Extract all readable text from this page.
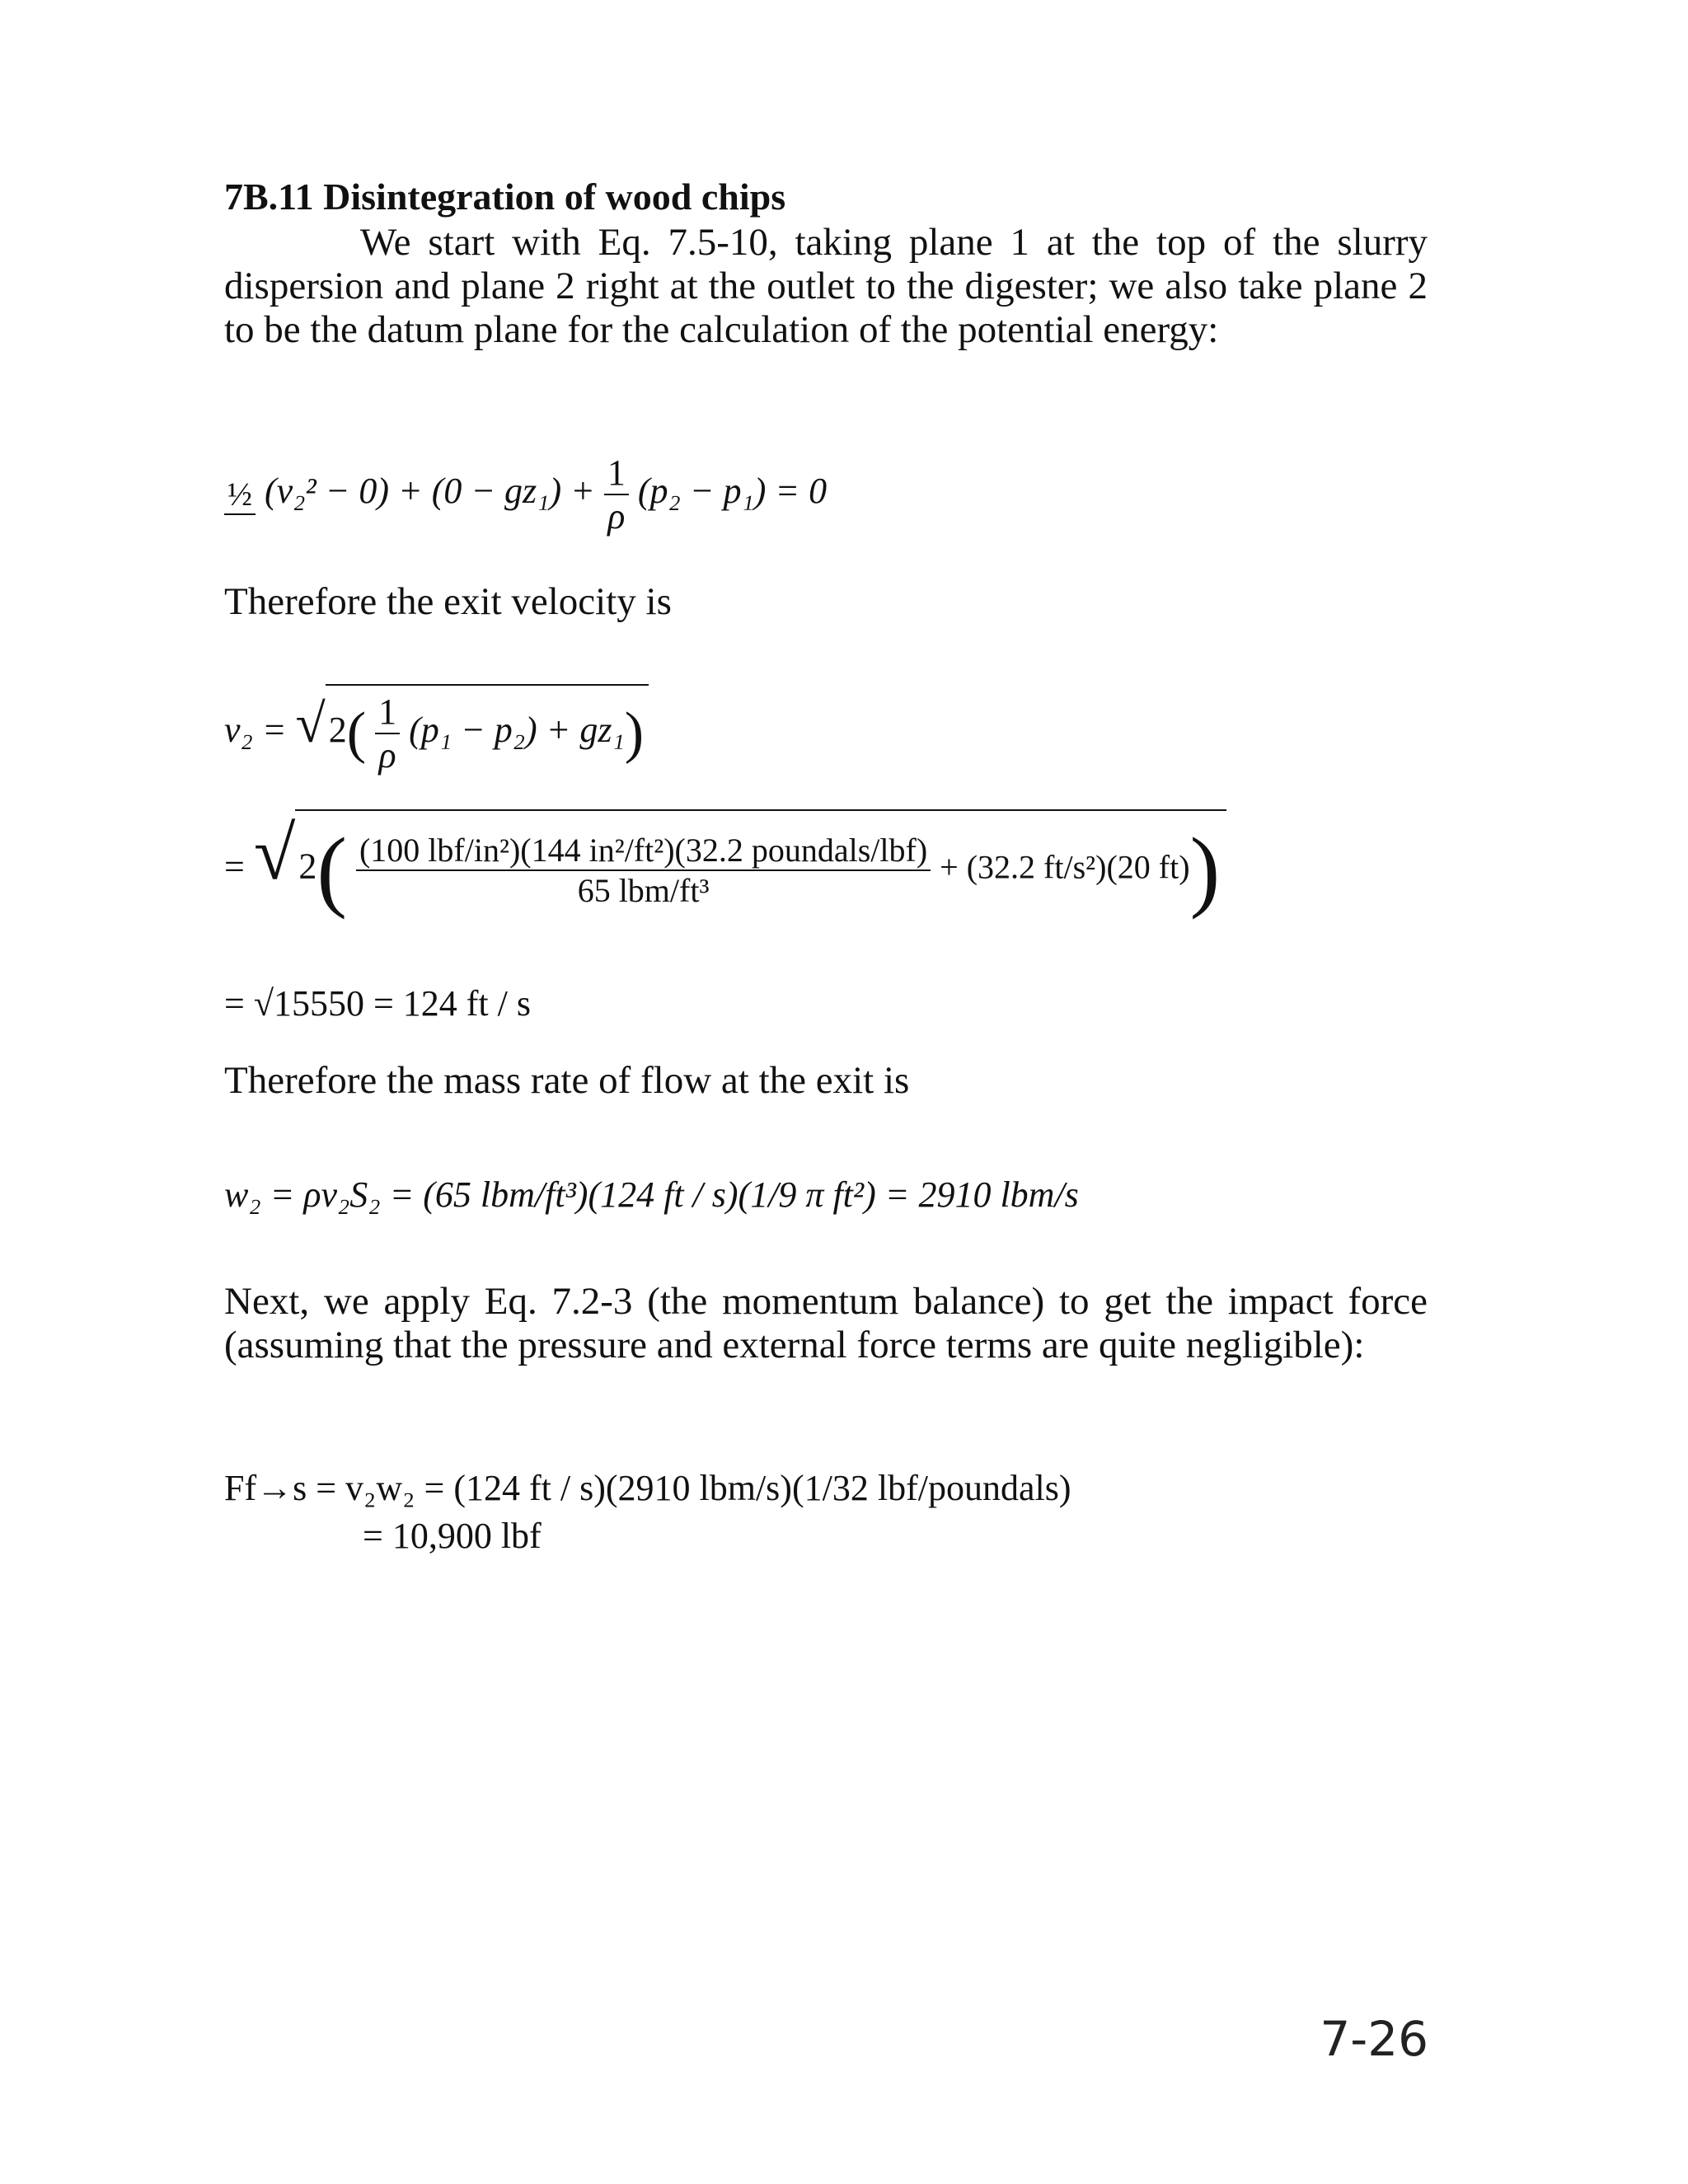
7B.11 Disintegration of wood chips
We start with Eq. 7.5-10, taking plane 1 at the top of the slurry dispersion and plane 2 right at the outlet to the digester; we also take plane 2 to be the datum plane for the calculation of the potential energy:
½ $(v_2^2 - 0) + (0 - gz_1) + \frac{1}{\rho} (p_2 - p_1) = 0$
Therefore the exit velocity is
$v_2 = √2( \frac{1}{\rho} (p_1 - p_2) + gz_1)$
= $√2( \frac{\text{(100 lbf/in²)(144 in²/ft²)(32.2 poundals/lbf)}}{\text{65 lbm/ft³}} + (32.2$ ft/s²)(20 ft))
= √15550 = 124 ft / s
Therefore the mass rate of flow at the exit is
w₂ = ρv₂S₂ = (65 lbm/ft³)(124 ft / s)(1/9 π ft²) = 2910 lbm/s
Next, we apply Eq. 7.2-3 (the momentum balance) to get the impact force (assuming that the pressure and external force terms are quite negligible):
Ff→s = v₂w₂ = (124 ft / s)(2910 lbm/s)(1/32 lbf/poundals)
= 10,900 lbf
7-26
